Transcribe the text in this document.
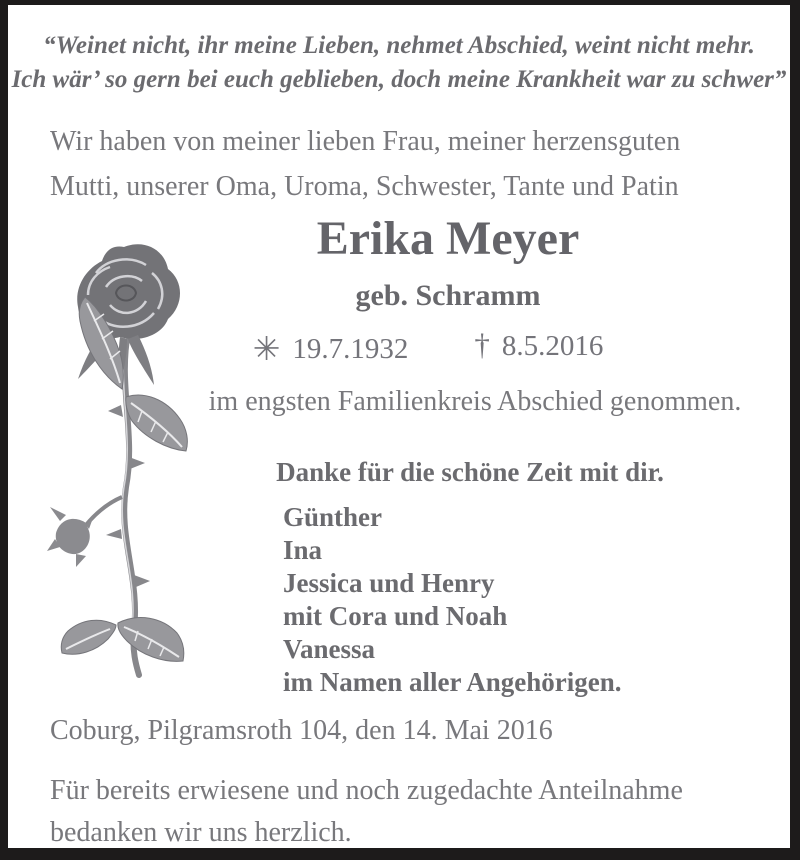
“Weinet nicht, ihr meine Lieben, nehmet Abschied, weint nicht mehr.
Ich wär’ so gern bei euch geblieben, doch meine Krankheit war zu schwer”
Wir haben von meiner lieben Frau, meiner herzensguten
Mutti, unserer Oma, Uroma, Schwester, Tante und Patin
Erika Meyer
geb. Schramm
✳ 19.7.1932 † 8.5.2016
im engsten Familienkreis Abschied genommen.
Danke für die schöne Zeit mit dir.
Günther
Ina
Jessica und Henry
mit Cora und Noah
Vanessa
im Namen aller Angehörigen.
Coburg, Pilgramsroth 104, den 14. Mai 2016
Für bereits erwiesene und noch zugedachte Anteilnahme
bedanken wir uns herzlich.
